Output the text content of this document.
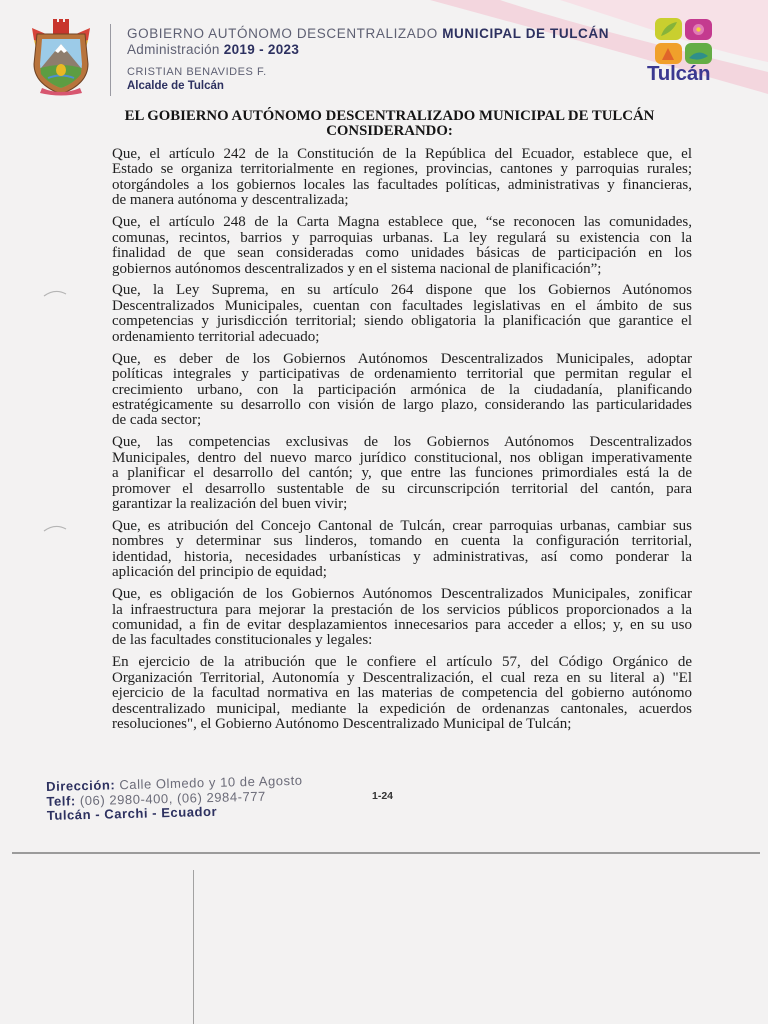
GOBIERNO AUTÓNOMO DESCENTRALIZADO MUNICIPAL DE TULCÁN
Administración 2019 - 2023
CRISTIAN BENAVIDES F.
Alcalde de Tulcán
Tulcán
EL GOBIERNO AUTÓNOMO DESCENTRALIZADO MUNICIPAL DE TULCÁN
CONSIDERANDO:
Que, el artículo 242 de la Constitución de la República del Ecuador, establece que, el
Estado se organiza territorialmente en regiones, provincias, cantones y parroquias rurales;
otorgándoles a los gobiernos locales las facultades políticas, administrativas y financieras,
de manera autónoma y descentralizada;
Que, el artículo 248 de la Carta Magna establece que, “se reconocen las comunidades,
comunas, recintos, barrios y parroquias urbanas. La ley regulará su existencia con la
finalidad de que sean consideradas como unidades básicas de participación en los
gobiernos autónomos descentralizados y en el sistema nacional de planificación”;
Que, la Ley Suprema, en su artículo 264 dispone que los Gobiernos Autónomos
Descentralizados Municipales, cuentan con facultades legislativas en el ámbito de sus
competencias y jurisdicción territorial; siendo obligatoria la planificación que garantice el
ordenamiento territorial adecuado;
Que, es deber de los Gobiernos Autónomos Descentralizados Municipales, adoptar
políticas integrales y participativas de ordenamiento territorial que permitan regular el
crecimiento urbano, con la participación armónica de la ciudadanía, planificando
estratégicamente su desarrollo con visión de largo plazo, considerando las particularidades
de cada sector;
Que, las competencias exclusivas de los Gobiernos Autónomos Descentralizados
Municipales, dentro del nuevo marco jurídico constitucional, nos obligan imperativamente
a planificar el desarrollo del cantón; y, que entre las funciones primordiales está la de
promover el desarrollo sustentable de su circunscripción territorial del cantón, para
garantizar la realización del buen vivir;
Que, es atribución del Concejo Cantonal de Tulcán, crear parroquias urbanas, cambiar sus
nombres y determinar sus linderos, tomando en cuenta la configuración territorial,
identidad, historia, necesidades urbanísticas y administrativas, así como ponderar la
aplicación del principio de equidad;
Que, es obligación de los Gobiernos Autónomos Descentralizados Municipales, zonificar
la infraestructura para mejorar la prestación de los servicios públicos proporcionados a la
comunidad, a fin de evitar desplazamientos innecesarios para acceder a ellos; y, en su uso
de las facultades constitucionales y legales:
En ejercicio de la atribución que le confiere el artículo 57, del Código Orgánico de
Organización Territorial, Autonomía y Descentralización, el cual reza en su literal a) "El
ejercicio de la facultad normativa en las materias de competencia del gobierno autónomo
descentralizado municipal, mediante la expedición de ordenanzas cantonales, acuerdos
resoluciones", el Gobierno Autónomo Descentralizado Municipal de Tulcán;
Dirección: Calle Olmedo y 10 de Agosto
Telf: (06) 2980-400, (06) 2984-777
Tulcán - Carchi - Ecuador
1-24
